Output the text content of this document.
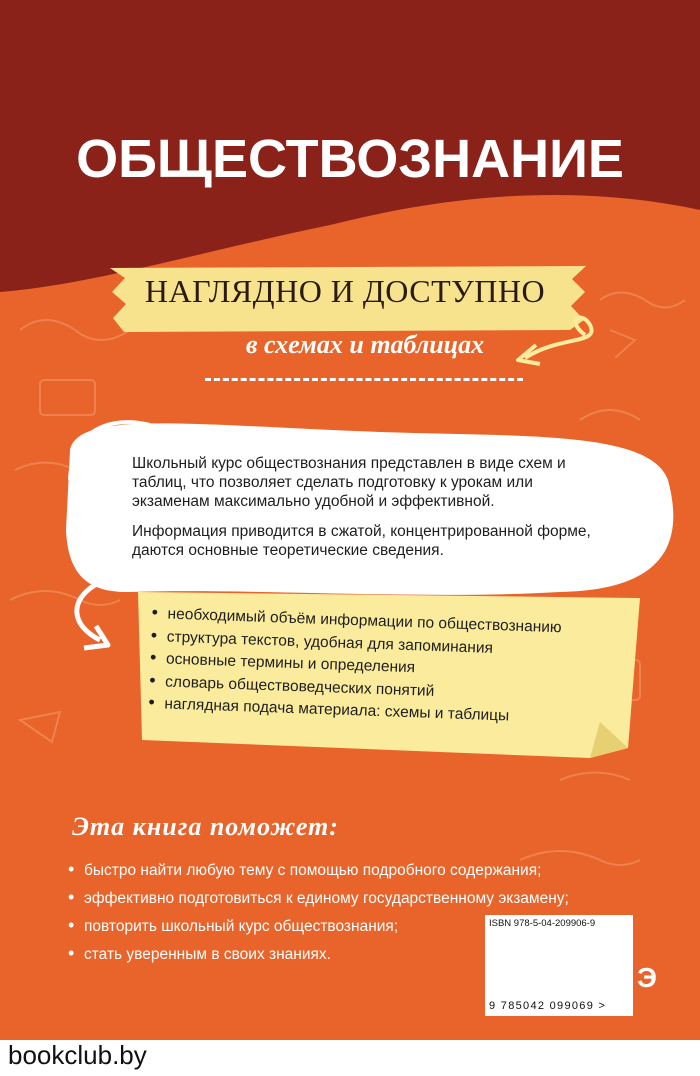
ОБЩЕСТВОЗНАНИЕ
НАГЛЯДНО И ДОСТУПНО
в схемах и таблицах

Школьный курс обществознания представлен в виде схем и таблиц, что позволяет сделать подготовку к урокам или экзаменам максимально удобной и эффективной.

Информация приводится в сжатой, концентрированной форме, даются основные теоретические сведения.

• необходимый объём информации по обществознанию
• структура текстов, удобная для запоминания
• основные термины и определения
• словарь обществоведческих понятий
• наглядная подача материала: схемы и таблицы
Эта книга поможет:
• быстро найти любую тему с помощью подробного содержания;
• эффективно подготовиться к единому государственному экзамену;
• повторить школьный курс обществознания;
• стать уверенным в своих знаниях.
ISBN 978-5-04-209906-9
9 785042 099069 >
Э
bookclub.by
